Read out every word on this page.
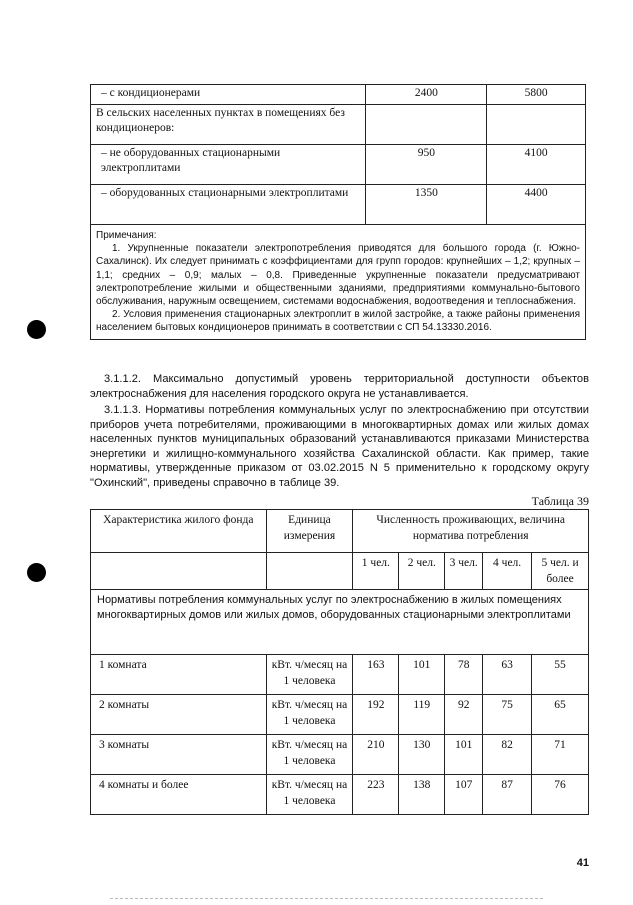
– с кондиционерами	2400	5800
В сельских населенных пунктах в помещениях без кондиционеров:		
– не оборудованных стационарными электроплитами	950	4100
– оборудованных стационарными электроплитами	1350	4400

Примечания:

1. Укрупненные показатели электропотребления приводятся для большого города (г. Южно-Сахалинск). Их следует принимать с коэффициентами для групп городов: крупнейших – 1,2; крупных – 1,1; средних – 0,9; малых – 0,8. Приведенные укрупненные показатели предусматривают электропотребление жилыми и общественными зданиями, предприятиями коммунально-бытового обслуживания, наружным освещением, системами водоснабжения, водоотведения и теплоснабжения.

2. Условия применения стационарных электроплит в жилой застройке, а также районы применения населением бытовых кондиционеров принимать в соответствии с СП 54.13330.2016.		

3.1.1.2. Максимально допустимый уровень территориальной доступности объектов электроснабжения для населения городского округа не устанавливается.

3.1.1.3. Нормативы потребления коммунальных услуг по электроснабжению при отсутствии приборов учета потребителями, проживающими в многоквартирных домах или жилых домах населенных пунктов муниципальных образований устанавливаются приказами Министерства энергетики и жилищно-коммунального хозяйства Сахалинской области. Как пример, такие нормативы, утвержденные приказом от 03.02.2015 N 5 применительно к городскому округу "Охинский", приведены справочно в таблице 39.

Таблица 39
Характеристика жилого фонда	Единица измерения	Численность проживающих, величина норматива потребления				
		1 чел.	2 чел.	3 чел.	4 чел.	5 чел. и более
Нормативы потребления коммунальных услуг по электроснабжению в жилых помещениях многоквартирных домов или жилых домов, оборудованных стационарными электроплитами						
1 комната	кВт. ч/месяц на 1 человека	163	101	78	63	55
2 комнаты	кВт. ч/месяц на 1 человека	192	119	92	75	65
3 комнаты	кВт. ч/месяц на 1 человека	210	130	101	82	71
4 комнаты и более	кВт. ч/месяц на 1 человека	223	138	107	87	76
41
